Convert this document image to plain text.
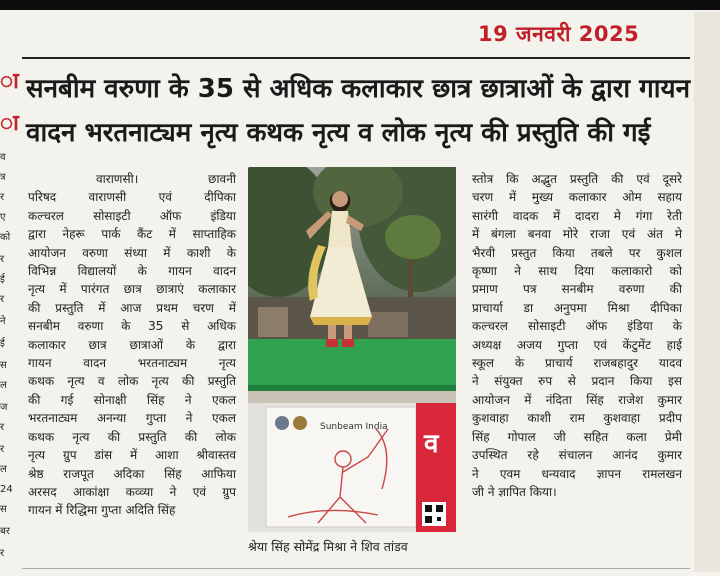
ा
ा
व
त्र
र
ए
को
र
ई
र
ने
ई
स
ल
ज
र
र
ल
24
स
बर
र
19 जनवरी 2025
सनबीम वरुणा के 35 से अधिक कलाकार छात्र छात्राओं के द्वारा गायन
वादन भरतनाट्यम नृत्य कथक नृत्य व लोक नृत्य की प्रस्तुति की गई

वाराणसी। छावनी

परिषद वाराणसी एवं दीपिका

कल्चरल सोसाइटी ऑफ इंडिया

द्वारा नेहरू पार्क कैंट में साप्ताहिक

आयोजन वरुणा संध्या में काशी के

विभिन्न विद्यालयों के गायन वादन

नृत्य में पारंगत छात्र छात्राएं कलाकार

की प्रस्तुति में आज प्रथम चरण में

सनबीम वरुणा के 35 से अधिक

कलाकार छात्र छात्राओं के द्वारा

गायन वादन भरतनाट्यम नृत्य

कथक नृत्य व लोक नृत्य की प्रस्तुति

की गई सोनाक्षी सिंह ने एकल

भरतनाट्यम अनन्या गुप्ता ने एकल

कथक नृत्य की प्रस्तुति की लोक

नृत्य ग्रुप डांस में आशा श्रीवास्तव

श्रेष्ठ राजपूत अदिका सिंह आफिया

अरसद आकांक्षा कव्व्या ने एवं ग्रुप

गायन में रिद्धिमा गुप्ता अदिति सिंह

Sunbeam India
व
श्रेया सिंह सोमेंद्र मिश्रा ने शिव तांडव

स्तोत्र कि अद्भुत प्रस्तुति की एवं दूसरे

चरण में मुख्य कलाकार ओम सहाय

सारंगी वादक में दादरा मे गंगा रेती

में बंगला बनवा मोरे राजा एवं अंत मे

भैरवी प्रस्तुत किया तबले पर कुशल

कृष्णा ने साथ दिया कलाकारो को

प्रमाण पत्र सनबीम वरुणा की

प्राचार्या डा अनुपमा मिश्रा दीपिका

कल्चरल सोसाइटी ऑफ इंडिया के

अध्यक्ष अजय गुप्ता एवं केंटुमेंट हाई

स्कूल के प्राचार्य राजबहादुर यादव

ने संयुक्त रुप से प्रदान किया इस

आयोजन में नंदिता सिंह राजेश कुमार

कुशवाहा काशी राम कुशवाहा प्रदीप

सिंह गोपाल जी सहित कला प्रेमी

उपस्थित रहे संचालन आनंद कुमार

ने एवम धन्यवाद ज्ञापन रामलखन

जी ने ज्ञापित किया।
